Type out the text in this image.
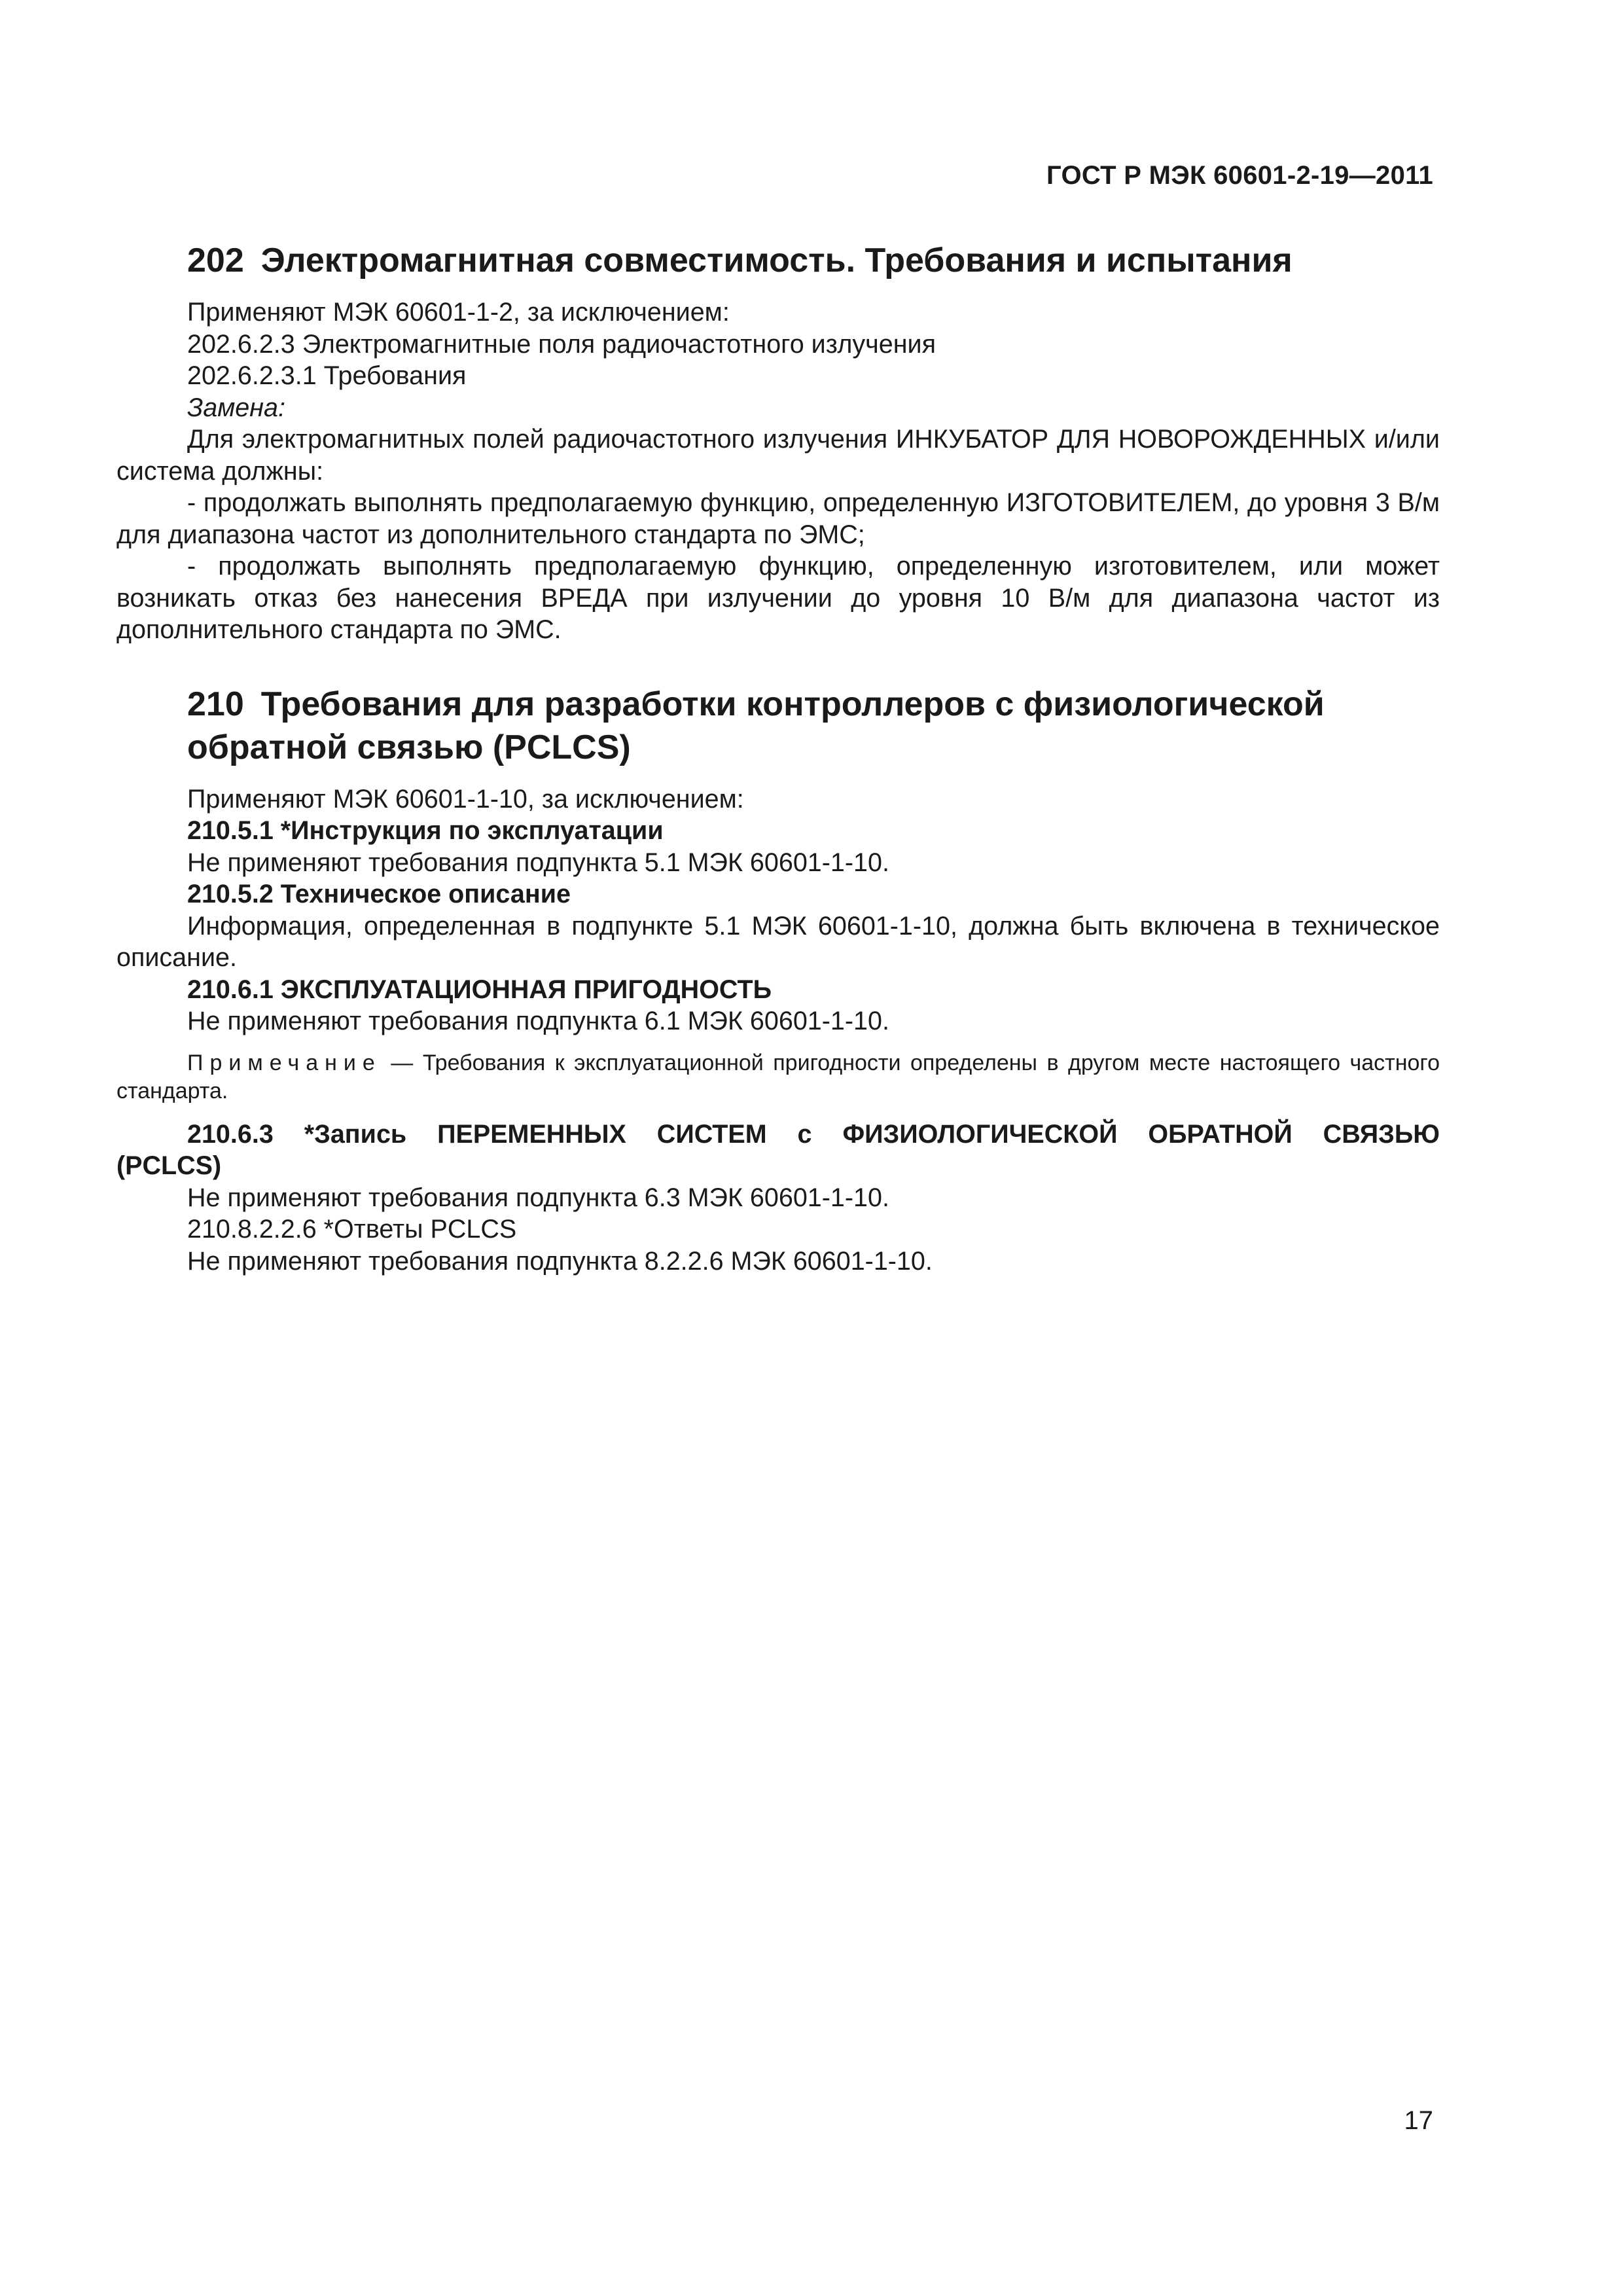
ГОСТ Р МЭК 60601-2-19—2011
202 Электромагнитная совместимость. Требования и испытания

Применяют МЭК 60601-1-2, за исключением:

202.6.2.3 Электромагнитные поля радиочастотного излучения

202.6.2.3.1 Требования

Замена:

Для электромагнитных полей радиочастотного излучения ИНКУБАТОР ДЛЯ НОВОРОЖДЕННЫХ и/или система должны:

- продолжать выполнять предполагаемую функцию, определенную ИЗГОТОВИТЕЛЕМ, до уровня 3 В/м для диапазона частот из дополнительного стандарта по ЭМС;

- продолжать выполнять предполагаемую функцию, определенную изготовителем, или может возникать отказ без нанесения ВРЕДА при излучении до уровня 10 В/м для диапазона частот из дополнительного стандарта по ЭМС.

210 Требования для разработки контроллеров с физиологической
обратной связью (PCLCS)

Применяют МЭК 60601-1-10, за исключением:

210.5.1 *Инструкция по эксплуатации

Не применяют требования подпункта 5.1 МЭК 60601-1-10.

210.5.2 Техническое описание

Информация, определенная в подпункте 5.1 МЭК 60601-1-10, должна быть включена в техническое описание.

210.6.1 ЭКСПЛУАТАЦИОННАЯ ПРИГОДНОСТЬ

Не применяют требования подпункта 6.1 МЭК 60601-1-10.

Примечание — Требования к эксплуатационной пригодности определены в другом месте настоящего частного стандарта.

210.6.3 *Запись ПЕРЕМЕННЫХ СИСТЕМ с ФИЗИОЛОГИЧЕСКОЙ ОБРАТНОЙ СВЯЗЬЮ

(PCLCS)

Не применяют требования подпункта 6.3 МЭК 60601-1-10.

210.8.2.2.6 *Ответы PCLCS

Не применяют требования подпункта 8.2.2.6 МЭК 60601-1-10.

17
